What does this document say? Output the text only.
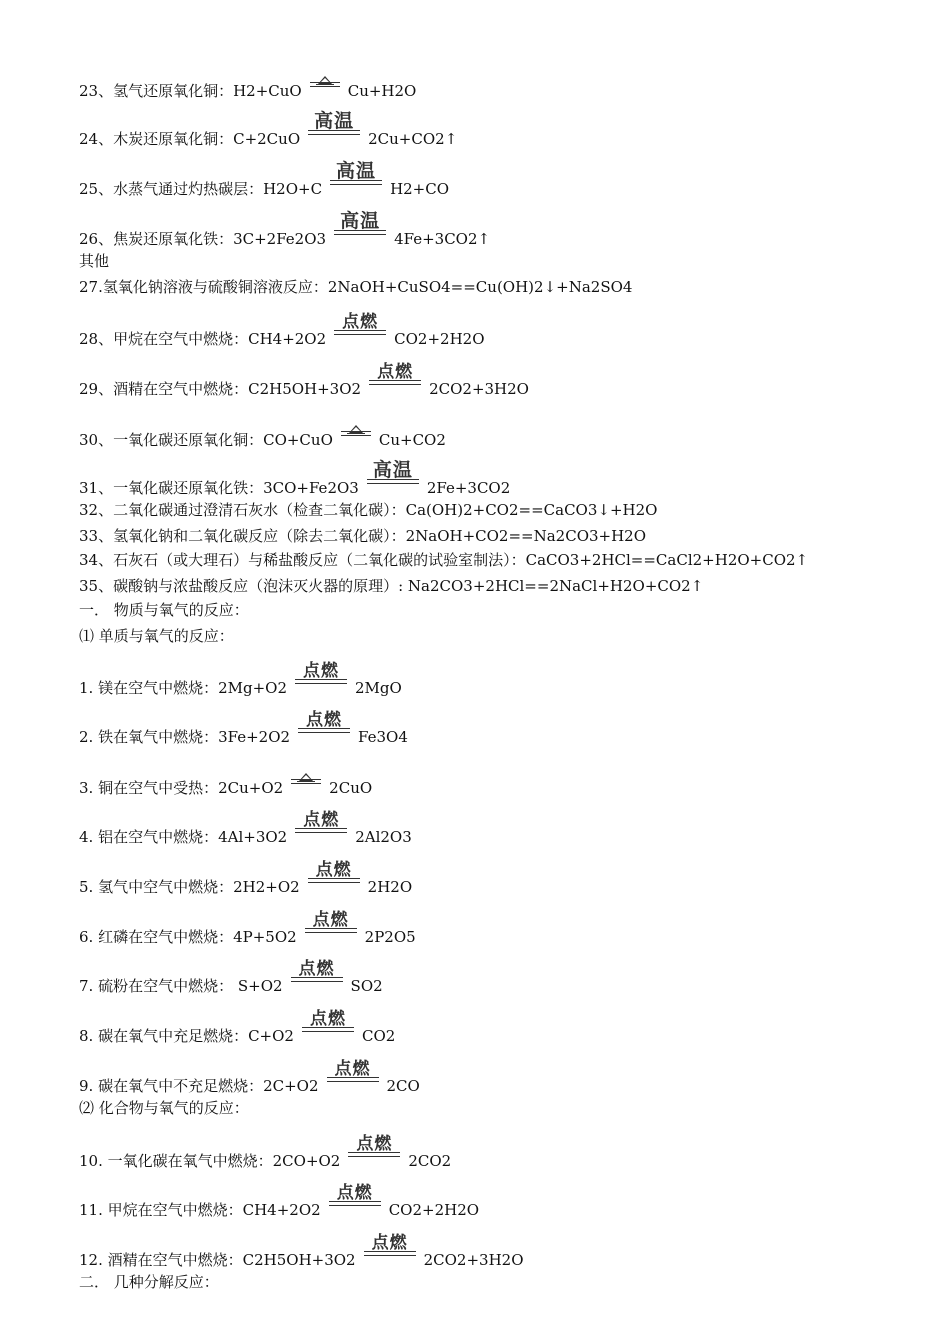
23、氢气还原氧化铜：H2+CuO	Cu+H2O
24、木炭还原氧化铜：C+2CuO
高温
2Cu+CO2↑
25、水蒸气通过灼热碳层：H2O+C
高温
H2+CO
26、焦炭还原氧化铁：3C+2Fe2O3
高温
4Fe+3CO2↑
其他
27.氢氧化钠溶液与硫酸铜溶液反应：2NaOH+CuSO4==Cu(OH)2↓+Na2SO4
28、甲烷在空气中燃烧：CH4+2O2
点燃
CO2+2H2O
29、酒精在空气中燃烧：C2H5OH+3O2
点燃
2CO2+3H2O
30、一氧化碳还原氧化铜：CO+CuO	Cu+CO2
31、一氧化碳还原氧化铁：3CO+Fe2O3
高温
2Fe+3CO2
32、二氧化碳通过澄清石灰水（检查二氧化碳）：Ca(OH)2+CO2==CaCO3↓+H2O
33、氢氧化钠和二氧化碳反应（除去二氧化碳）：2NaOH+CO2==Na2CO3+H2O
34、石灰石（或大理石）与稀盐酸反应（二氧化碳的试验室制法）：CaCO3+2HCl==CaCl2+H2O+CO2↑
35、碳酸钠与浓盐酸反应（泡沫灭火器的原理）: Na2CO3+2HCl==2NaCl+H2O+CO2↑
一． 物质与氧气的反应：
⑴ 单质与氧气的反应：
1. 镁在空气中燃烧：2Mg+O2
点燃
2MgO
2. 铁在氧气中燃烧：3Fe+2O2
点燃
Fe3O4
3. 铜在空气中受热：2Cu+O2	2CuO
4. 铝在空气中燃烧：4Al+3O2
点燃
2Al2O3
5. 氢气中空气中燃烧：2H2+O2
点燃
2H2O
6. 红磷在空气中燃烧：4P+5O2
点燃
2P2O5
7. 硫粉在空气中燃烧： S+O2
点燃
SO2
8. 碳在氧气中充足燃烧：C+O2
点燃
CO2
9. 碳在氧气中不充足燃烧：2C+O2
点燃
2CO
⑵ 化合物与氧气的反应：
10. 一氧化碳在氧气中燃烧：2CO+O2
点燃
2CO2
11. 甲烷在空气中燃烧：CH4+2O2
点燃
CO2+2H2O
12. 酒精在空气中燃烧：C2H5OH+3O2
点燃
2CO2+3H2O
二． 几种分解反应：
